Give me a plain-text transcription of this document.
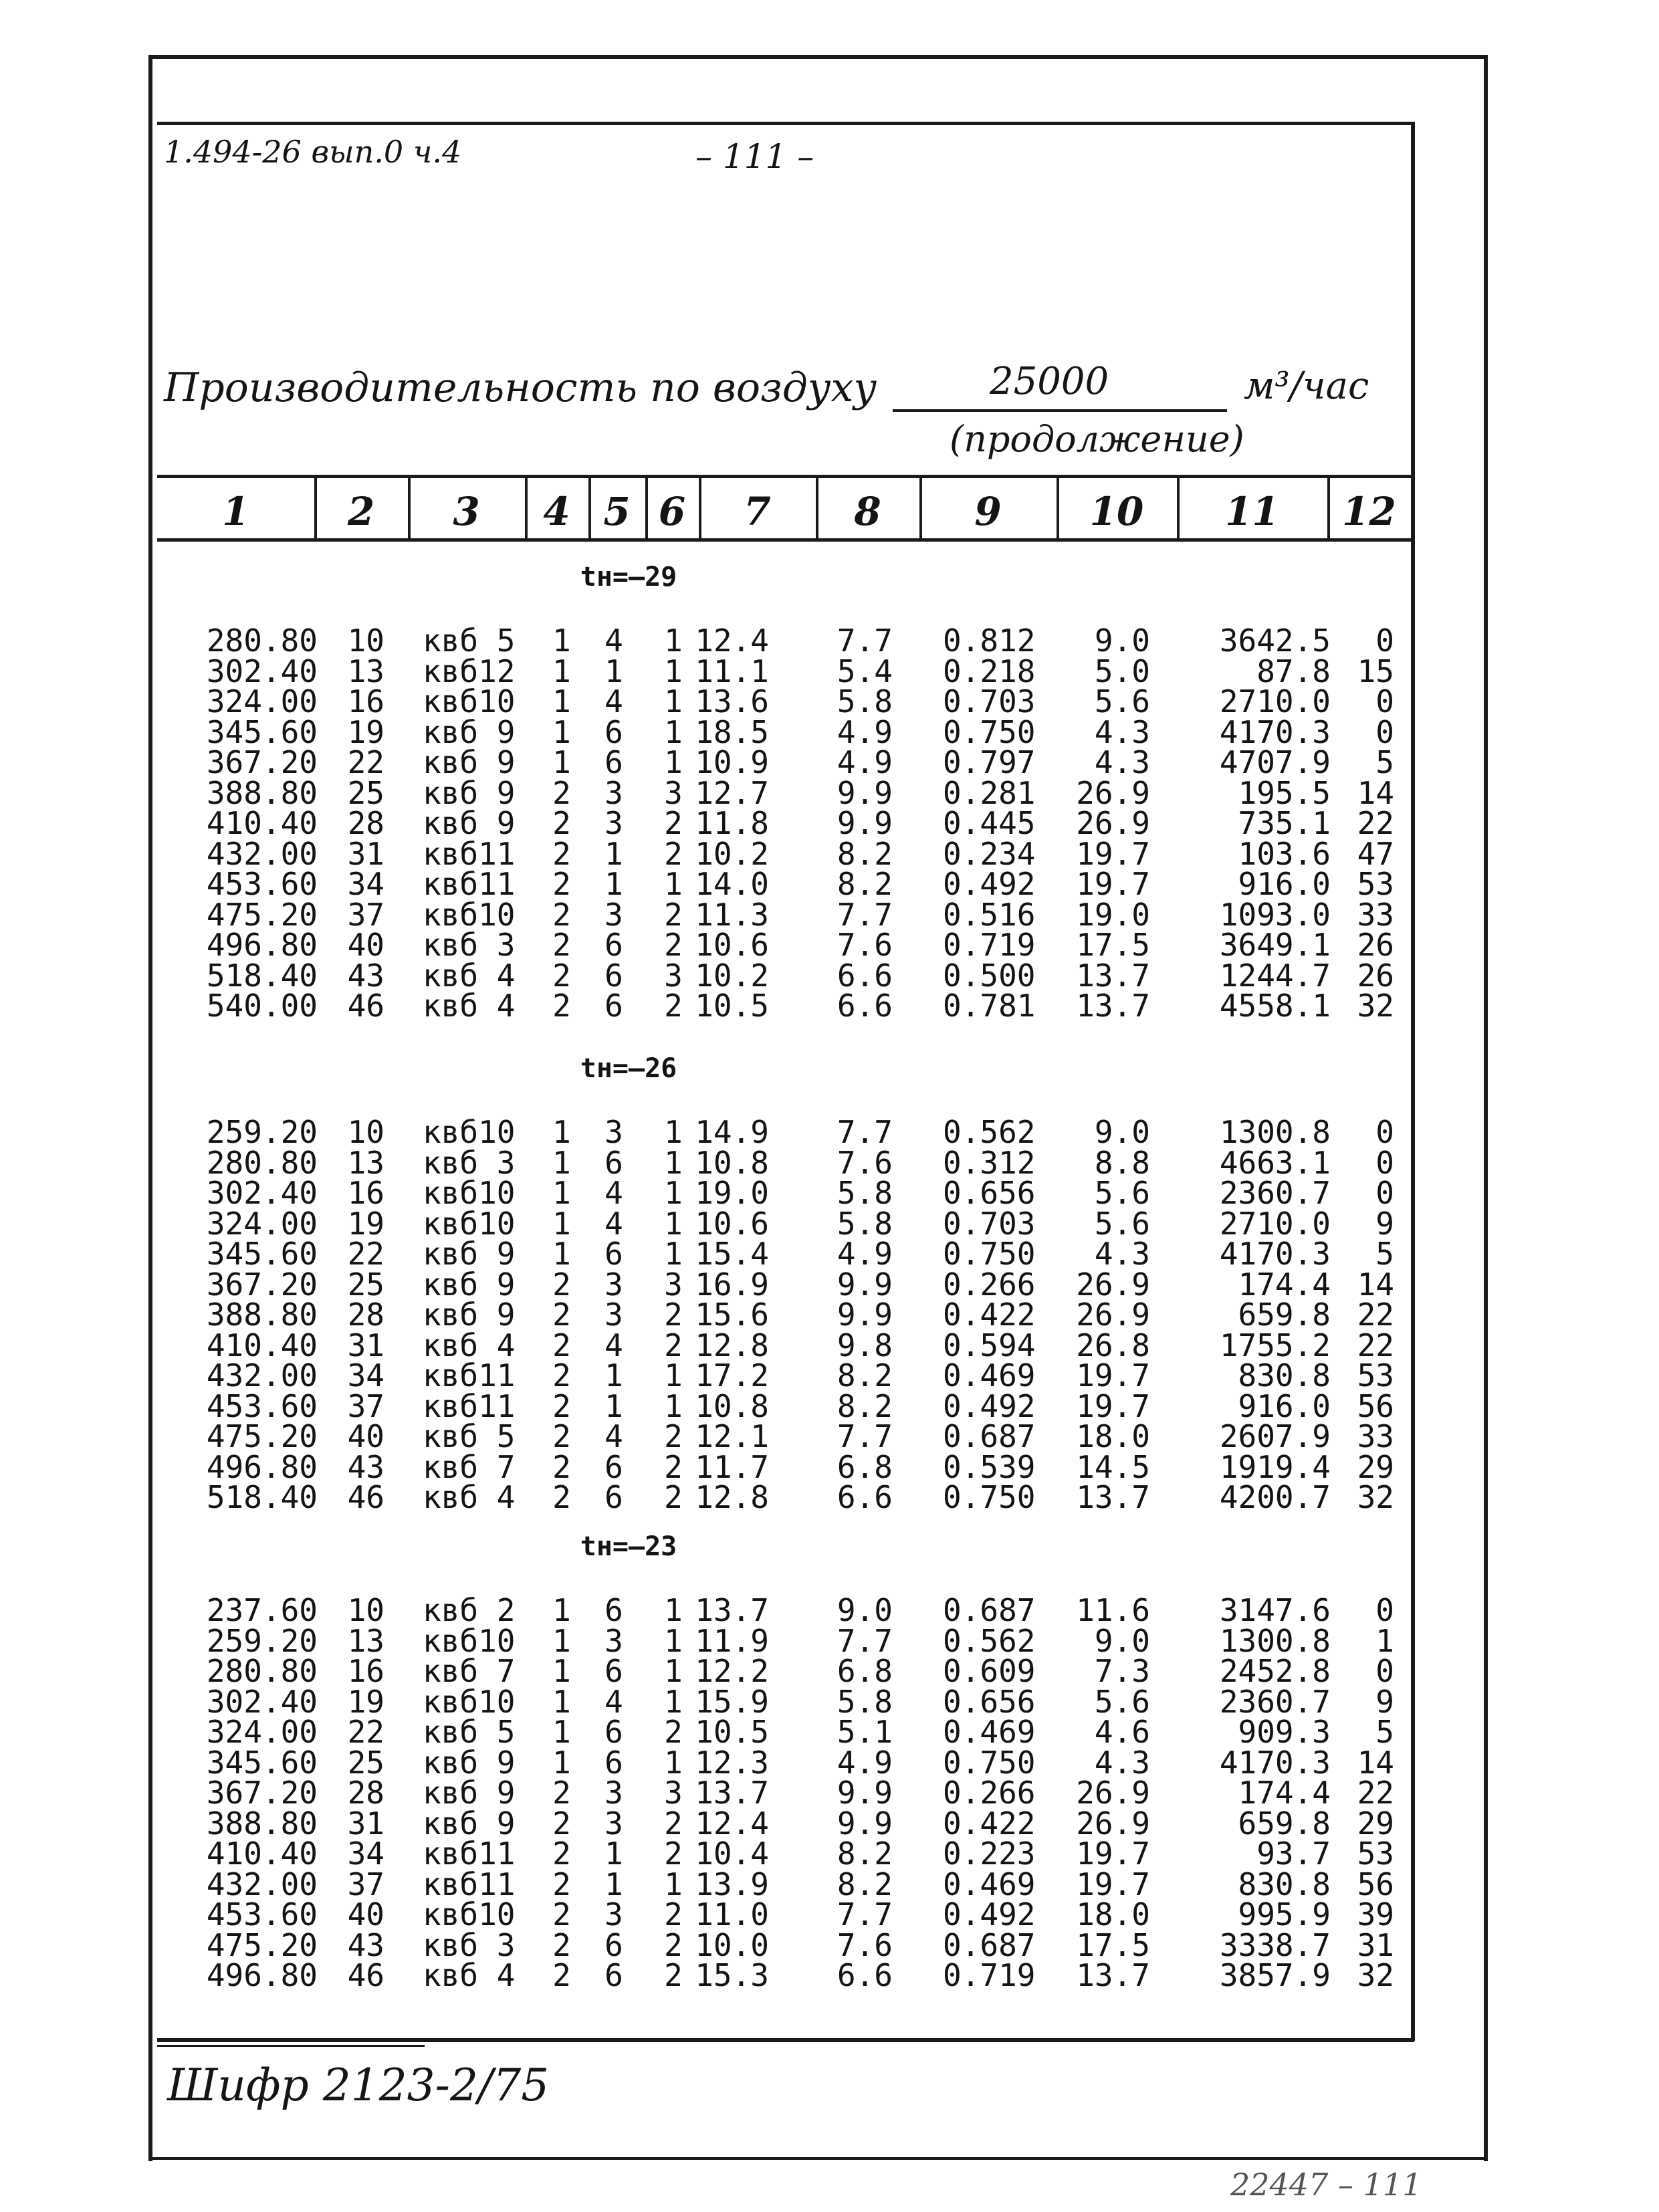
1.494-26 вып.0 ч.4	– 111 –
Производительность по воздуху	25000	м³/час
(продолжение)
1	2	3	4 5 6	7	8	9	10	11	12
tн=–29
280.80 10 квб 5	1 4 1 12.4	7.7 0.812	9.0	3642.5	0
302.40 13 квб12	1 1 1 11.1	5.4 0.218	5.0	87.8 15
324.00 16 квб10	1 4 1 13.6	5.8 0.703	5.6	2710.0	0
345.60 19 квб 9	1 6 1 18.5	4.9 0.750	4.3	4170.3	0
367.20 22 квб 9	1 6 1 10.9	4.9 0.797	4.3	4707.9	5
388.80 25 квб 9	2 3 3 12.7	9.9 0.281	26.9	195.5 14
410.40 28 квб 9	2 3 2 11.8	9.9 0.445	26.9	735.1 22
432.00 31 квб11	2 1 2 10.2	8.2 0.234	19.7	103.6 47
453.60 34 квб11	2 1 1 14.0	8.2 0.492	19.7	916.0 53
475.20 37 квб10	2 3 2 11.3	7.7 0.516	19.0	1093.0 33
496.80 40 квб 3	2 6 2 10.6	7.6 0.719	17.5	3649.1 26
518.40 43 квб 4	2 6 3 10.2	6.6 0.500	13.7	1244.7 26
540.00 46 квб 4	2 6 2 10.5	6.6 0.781	13.7	4558.1 32
tн=–26
259.20 10 квб10	1 3 1 14.9	7.7 0.562	9.0	1300.8	0
280.80 13 квб 3	1 6 1 10.8	7.6 0.312	8.8	4663.1	0
302.40 16 квб10	1 4 1 19.0	5.8 0.656	5.6	2360.7	0
324.00 19 квб10	1 4 1 10.6	5.8 0.703	5.6	2710.0	9
345.60 22 квб 9	1 6 1 15.4	4.9 0.750	4.3	4170.3	5
367.20 25 квб 9	2 3 3 16.9	9.9 0.266	26.9	174.4 14
388.80 28 квб 9	2 3 2 15.6	9.9 0.422	26.9	659.8 22
410.40 31 квб 4	2 4 2 12.8	9.8 0.594	26.8	1755.2 22
432.00 34 квб11	2 1 1 17.2	8.2 0.469	19.7	830.8 53
453.60 37 квб11	2 1 1 10.8	8.2 0.492	19.7	916.0 56
475.20 40 квб 5	2 4 2 12.1	7.7 0.687	18.0	2607.9 33
496.80 43 квб 7	2 6 2 11.7	6.8 0.539	14.5	1919.4 29
518.40 46 квб 4	2 6 2 12.8	6.6 0.750	13.7	4200.7 32
tн=–23
237.60 10 квб 2	1 6 1 13.7	9.0 0.687	11.6	3147.6	0
259.20 13 квб10	1 3 1 11.9	7.7 0.562	9.0	1300.8	1
280.80 16 квб 7	1 6 1 12.2	6.8 0.609	7.3	2452.8	0
302.40 19 квб10	1 4 1 15.9	5.8 0.656	5.6	2360.7	9
324.00 22 квб 5	1 6 2 10.5	5.1 0.469	4.6	909.3	5
345.60 25 квб 9	1 6 1 12.3	4.9 0.750	4.3	4170.3 14
367.20 28 квб 9	2 3 3 13.7	9.9 0.266	26.9	174.4 22
388.80 31 квб 9	2 3 2 12.4	9.9 0.422	26.9	659.8 29
410.40 34 квб11	2 1 2 10.4	8.2 0.223	19.7	93.7 53
432.00 37 квб11	2 1 1 13.9	8.2 0.469	19.7	830.8 56
453.60 40 квб10	2 3 2 11.0	7.7 0.492	18.0	995.9 39
475.20 43 квб 3	2 6 2 10.0	7.6 0.687	17.5	3338.7 31
496.80 46 квб 4	2 6 2 15.3	6.6 0.719	13.7	3857.9 32
Шифр 2123-2/75
22447 – 111
